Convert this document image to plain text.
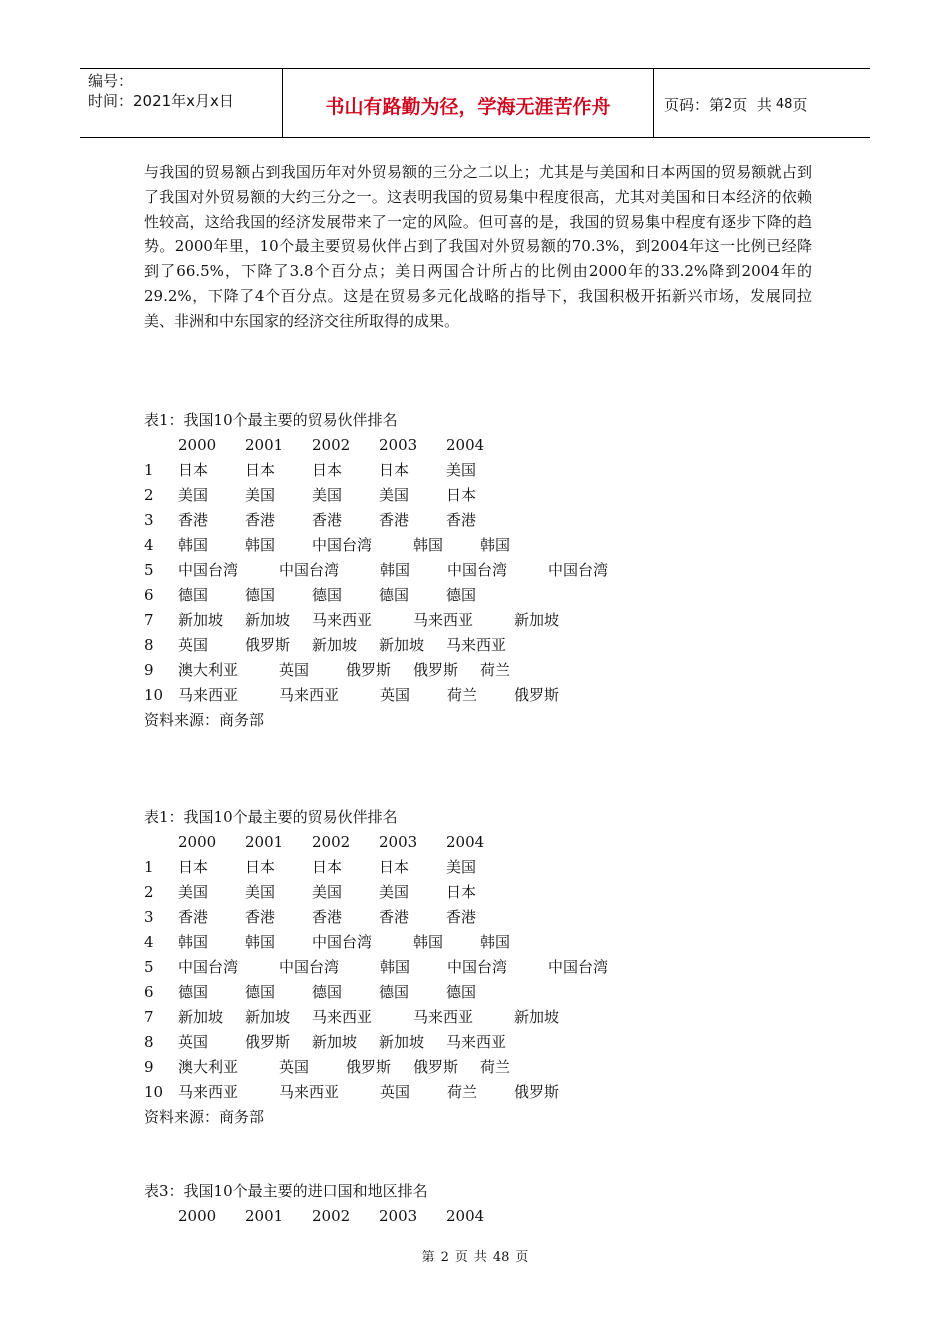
编号：
时间：2021年x月x日	书山有路勤为径，学海无涯苦作舟	页码：第 2 页  共 48 页
与我国的贸易额占到我国历年对外贸易额的三分之二以上；尤其是与美国和日本两国的贸易额就占到了我国对外贸易额的大约三分之一。这表明我国的贸易集中程度很高，尤其对美国和日本经济的依赖性较高，这给我国的经济发展带来了一定的风险。但可喜的是，我国的贸易集中程度有逐步下降的趋势。2000年里，10个最主要贸易伙伴占到了我国对外贸易额的70.3%，到2004年这一比例已经降到了66.5%，下降了3.8个百分点；美日两国合计所占的比例由2000年的33.2%降到2004年的29.2%，下降了4个百分点。这是在贸易多元化战略的指导下，我国积极开拓新兴市场，发展同拉美、非洲和中东国家的经济交往所取得的成果。
表1：我国10个最主要的贸易伙伴排名
2000 2001 2002 2003 2004
1 日本 日本 日本 日本 美国
2 美国 美国 美国 美国 日本
3 香港 香港 香港 香港 香港
4 韩国 韩国 中国台湾	韩国 韩国
5 中国台湾	中国台湾	韩国 中国台湾	中国台湾
6 德国 德国 德国 德国 德国
7 新加坡 新加坡 马来西亚	马来西亚	新加坡
8 英国 俄罗斯 新加坡 新加坡 马来西亚
9 澳大利亚	英国 俄罗斯 俄罗斯 荷兰
10 马来西亚	马来西亚	英国 荷兰 俄罗斯
资料来源：商务部
表1：我国10个最主要的贸易伙伴排名
2000 2001 2002 2003 2004
1 日本 日本 日本 日本 美国
2 美国 美国 美国 美国 日本
3 香港 香港 香港 香港 香港
4 韩国 韩国 中国台湾	韩国 韩国
5 中国台湾	中国台湾	韩国 中国台湾	中国台湾
6 德国 德国 德国 德国 德国
7 新加坡 新加坡 马来西亚	马来西亚	新加坡
8 英国 俄罗斯 新加坡 新加坡 马来西亚
9 澳大利亚	英国 俄罗斯 俄罗斯 荷兰
10 马来西亚	马来西亚	英国 荷兰 俄罗斯
资料来源：商务部
表3：我国10个最主要的进口国和地区排名
2000 2001 2002 2003 2004
第 2 页 共 48 页
